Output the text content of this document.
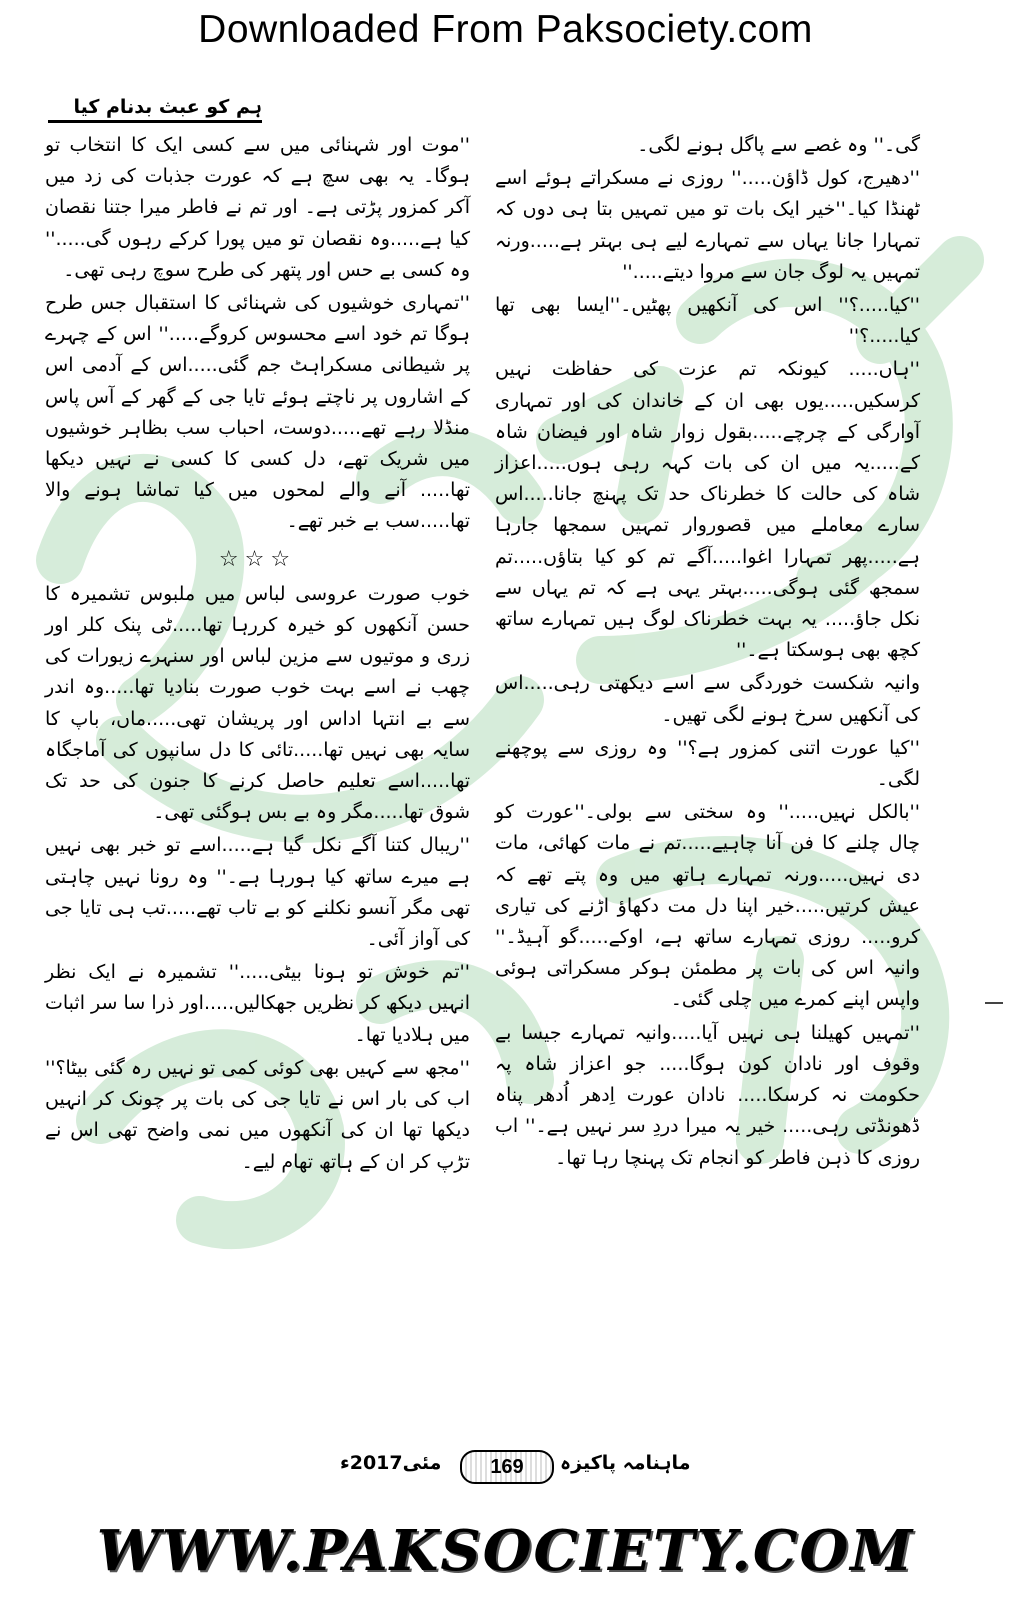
Downloaded From Paksociety.com
ہم کو عبث بدنام کیا

گی۔'' وہ غصے سے پاگل ہونے لگی۔

''دھیرج، کول ڈاؤن.....'' روزی نے مسکراتے ہوئے اسے ٹھنڈا کیا۔''خیر ایک بات تو میں تمہیں بتا ہی دوں کہ تمہارا جانا یہاں سے تمہارے لیے ہی بہتر ہے.....ورنہ تمہیں یہ لوگ جان سے مروا دیتے.....''

''کیا.....؟'' اس کی آنکھیں پھٹیں۔''ایسا بھی تھا کیا.....؟''

''ہاں..... کیونکہ تم عزت کی حفاظت نہیں کرسکیں.....یوں بھی ان کے خاندان کی اور تمہاری آوارگی کے چرچے.....بقول زوار شاہ اور فیضان شاہ کے.....یہ میں ان کی بات کہہ رہی ہوں.....اعزاز شاہ کی حالت کا خطرناک حد تک پہنچ جانا.....اس سارے معاملے میں قصوروار تمہیں سمجھا جارہا ہے.....پھر تمہارا اغوا.....آگے تم کو کیا بتاؤں.....تم سمجھ گئی ہوگی.....بہتر یہی ہے کہ تم یہاں سے نکل جاؤ..... یہ بہت خطرناک لوگ ہیں تمہارے ساتھ کچھ بھی ہوسکتا ہے۔''

وانیہ شکست خوردگی سے اسے دیکھتی رہی.....اس کی آنکھیں سرخ ہونے لگی تھیں۔

''کیا عورت اتنی کمزور ہے؟'' وہ روزی سے پوچھنے لگی۔

''بالکل نہیں.....'' وہ سختی سے بولی۔''عورت کو چال چلنے کا فن آنا چاہیے.....تم نے مات کھائی، مات دی نہیں.....ورنہ تمہارے ہاتھ میں وہ پتے تھے کہ عیش کرتیں.....خیر اپنا دل مت دکھاؤ اڑنے کی تیاری کرو..... روزی تمہارے ساتھ ہے، اوکے.....گو آہیڈ۔'' وانیہ اس کی بات پر مطمئن ہوکر مسکراتی ہوئی واپس اپنے کمرے میں چلی گئی۔

''تمہیں کھیلنا ہی نہیں آیا.....وانیہ تمہارے جیسا بے وقوف اور نادان کون ہوگا..... جو اعزاز شاہ پہ حکومت نہ کرسکا..... نادان عورت اِدھر اُدھر پناہ ڈھونڈتی رہی..... خیر یہ میرا دردِ سر نہیں ہے۔'' اب روزی کا ذہن فاطر کو انجام تک پہنچا رہا تھا۔

''موت اور شہنائی میں سے کسی ایک کا انتخاب تو ہوگا۔ یہ بھی سچ ہے کہ عورت جذبات کی زد میں آکر کمزور پڑتی ہے۔ اور تم نے فاطر میرا جتنا نقصان کیا ہے.....وہ نقصان تو میں پورا کرکے رہوں گی.....'' وہ کسی بے حس اور پتھر کی طرح سوچ رہی تھی۔

''تمہاری خوشیوں کی شہنائی کا استقبال جس طرح ہوگا تم خود اسے محسوس کروگے.....'' اس کے چہرے پر شیطانی مسکراہٹ جم گئی.....اس کے آدمی اس کے اشاروں پر ناچتے ہوئے تایا جی کے گھر کے آس پاس منڈلا رہے تھے.....دوست، احباب سب بظاہر خوشیوں میں شریک تھے، دل کسی کا کسی نے نہیں دیکھا تھا..... آنے والے لمحوں میں کیا تماشا ہونے والا تھا.....سب بے خبر تھے۔

☆☆☆

خوب صورت عروسی لباس میں ملبوس تشمیرہ کا حسن آنکھوں کو خیرہ کررہا تھا.....ٹی پنک کلر اور زری و موتیوں سے مزین لباس اور سنہرے زیورات کی چھب نے اسے بہت خوب صورت بنادیا تھا.....وہ اندر سے بے انتہا اداس اور پریشان تھی.....ماں، باپ کا سایہ بھی نہیں تھا.....تائی کا دل سانپوں کی آماجگاہ تھا.....اسے تعلیم حاصل کرنے کا جنون کی حد تک شوق تھا.....مگر وہ بے بس ہوگئی تھی۔

''ریبال کتنا آگے نکل گیا ہے.....اسے تو خبر بھی نہیں ہے میرے ساتھ کیا ہورہا ہے۔'' وہ رونا نہیں چاہتی تھی مگر آنسو نکلنے کو بے تاب تھے.....تب ہی تایا جی کی آواز آئی۔

''تم خوش تو ہونا بیٹی.....'' تشمیرہ نے ایک نظر انہیں دیکھ کر نظریں جھکالیں.....اور ذرا سا سر اثبات میں ہلادیا تھا۔

''مجھ سے کہیں بھی کوئی کمی تو نہیں رہ گئی بیٹا؟'' اب کی بار اس نے تایا جی کی بات پر چونک کر انہیں دیکھا تھا ان کی آنکھوں میں نمی واضح تھی اس نے تڑپ کر ان کے ہاتھ تھام لیے۔

ماہنامہ پاکیزہ
169
مئی2017ء
WWW.PAKSOCIETY.COM
